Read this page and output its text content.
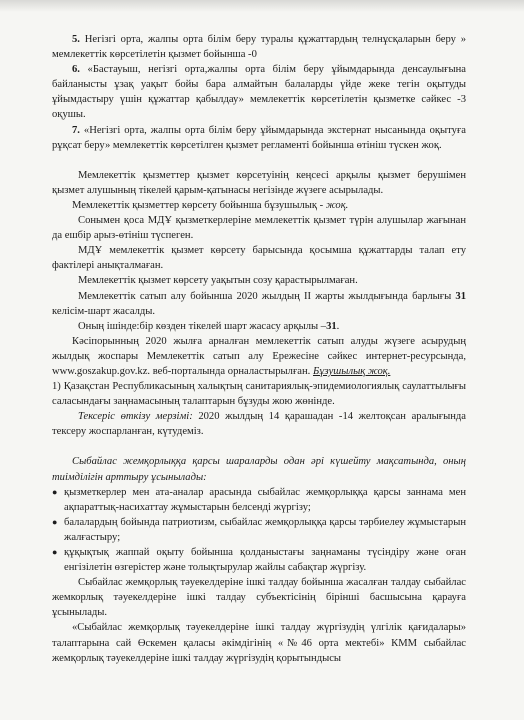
5. Негізгі орта, жалпы орта білім беру туралы құжаттардың телнұсқаларын беру » мемлекеттік көрсетілетін қызмет бойынша -0

6. «Бастауыш, негізгі орта,жалпы орта білім беру ұйымдарында денсаулығына байланысты ұзақ уақыт бойы бара алмайтын балаларды үйде жеке тегін оқытуды ұйымдастыру үшін құжаттар қабылдау» мемлекеттік көрсетілетін қызметке сәйкес -3 оқушы.

7. «Негізгі орта, жалпы орта білім беру ұйымдарында экстернат нысанында оқытуға рұқсат беру» мемлекеттік көрсетілген қызмет регламенті бойынша өтініш түскен жоқ.

Мемлекеттік қызметтер қызмет көрсетуінің кеңсесі арқылы қызмет берушімен қызмет алушының тікелей қарым-қатынасы негізінде жүзеге асырылады.

Мемлекеттік қызметтер көрсету бойынша бұзушылық - жоқ.

Сонымен қоса МДҰ қызметкерлеріне мемлекеттік қызмет түрін алушылар жағынан да ешбір арыз-өтініш түспеген.

МДҰ мемлекеттік қызмет көрсету барысында қосымша құжаттарды талап ету фактілері анықталмаған.

Мемлекеттік қызмет көрсету уақытын созу қарастырылмаған.

Мемлекеттік сатып алу бойынша 2020 жылдың II жарты жылдығында барлығы 31 келісім-шарт жасалды.

Оның ішінде:бір көзден тікелей шарт жасасу арқылы –31.

Кәсіпорынның 2020 жылға арналған мемлекеттік сатып алуды жүзеге асырудың жылдық жоспары Мемлекеттік сатып алу Ережесіне сәйкес интернет-ресурсында, www.goszakup.gov.kz. веб-порталында орналастырылған. Бұзушылық жоқ.

1) Қазақстан Республикасының халықтың санитариялық-эпидемиологиялық саулаттылығы саласындағы заңнамасының талаптарын бұзуды жою жөнінде.

Тексеріс өткізу мерзімі: 2020 жылдың 14 қарашадан -14 желтоқсан аралығында тексеру жоспарланған, күтудеміз.

Сыбайлас жемқорлыққа қарсы шараларды одан әрі күшейту мақсатында, оның тиімділігін арттыру ұсынылады:

● қызметкерлер мен ата-аналар арасында сыбайлас жемқорлыққа қарсы заннама мен ақпараттық-насихаттау жұмыстарын белсенді жүргізу;
● балалардың бойында патриотизм, сыбайлас жемқорлыққа қарсы тәрбиелеу жұмыстарын жалғастыру;
● құқықтық жаппай оқыту бойынша қолданыстағы заңнаманы түсіндіру және оған енгізілетін өзгерістер және толықтырулар жайлы сабақтар жүргізу.

Сыбайлас жемқорлық тәуекелдеріне ішкі талдау бойынша жасалған талдау сыбайлас жемкорлық тәуекелдеріне ішкі талдау субъектісінің бірінші басшысына қарауға ұсынылады.

«Сыбайлас жемқорлық тәуекелдеріне ішкі талдау жүргізудің үлгілік қағидалары» талаптарына сай Өскемен қаласы әкімдігінің «№46 орта мектебі» КММ сыбайлас жемқорлық тәуекелдеріне ішкі талдау жүргізудің қорытындысы
